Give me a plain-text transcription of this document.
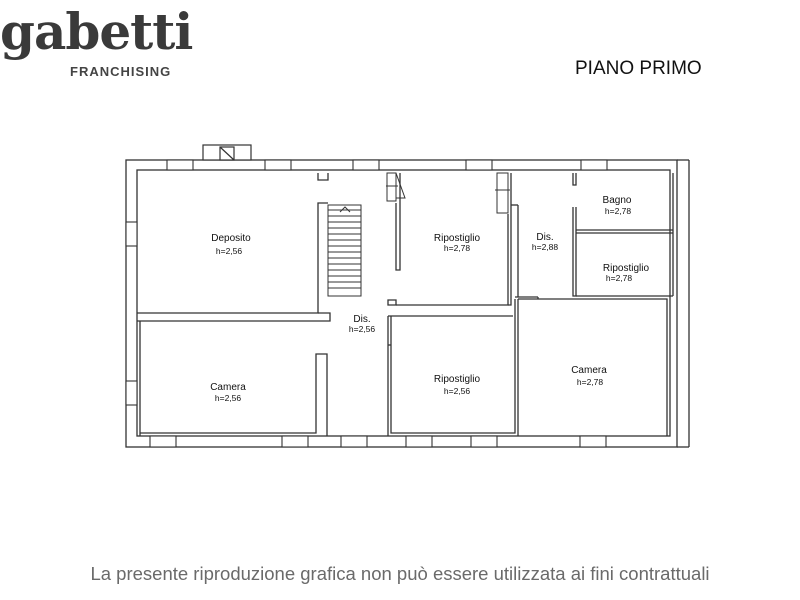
gabetti
FRANCHISING	PIANO PRIMO
Deposito
h=2,56
Dis.
h=2,56
Ripostiglio
h=2,78
Dis.
h=2,88
Bagno
h=2,78
Ripostiglio
h=2,78
Camera
h=2,56
Ripostiglio
h=2,56
Camera
h=2,78
La presente riproduzione grafica non può essere utilizzata ai fini contrattuali
